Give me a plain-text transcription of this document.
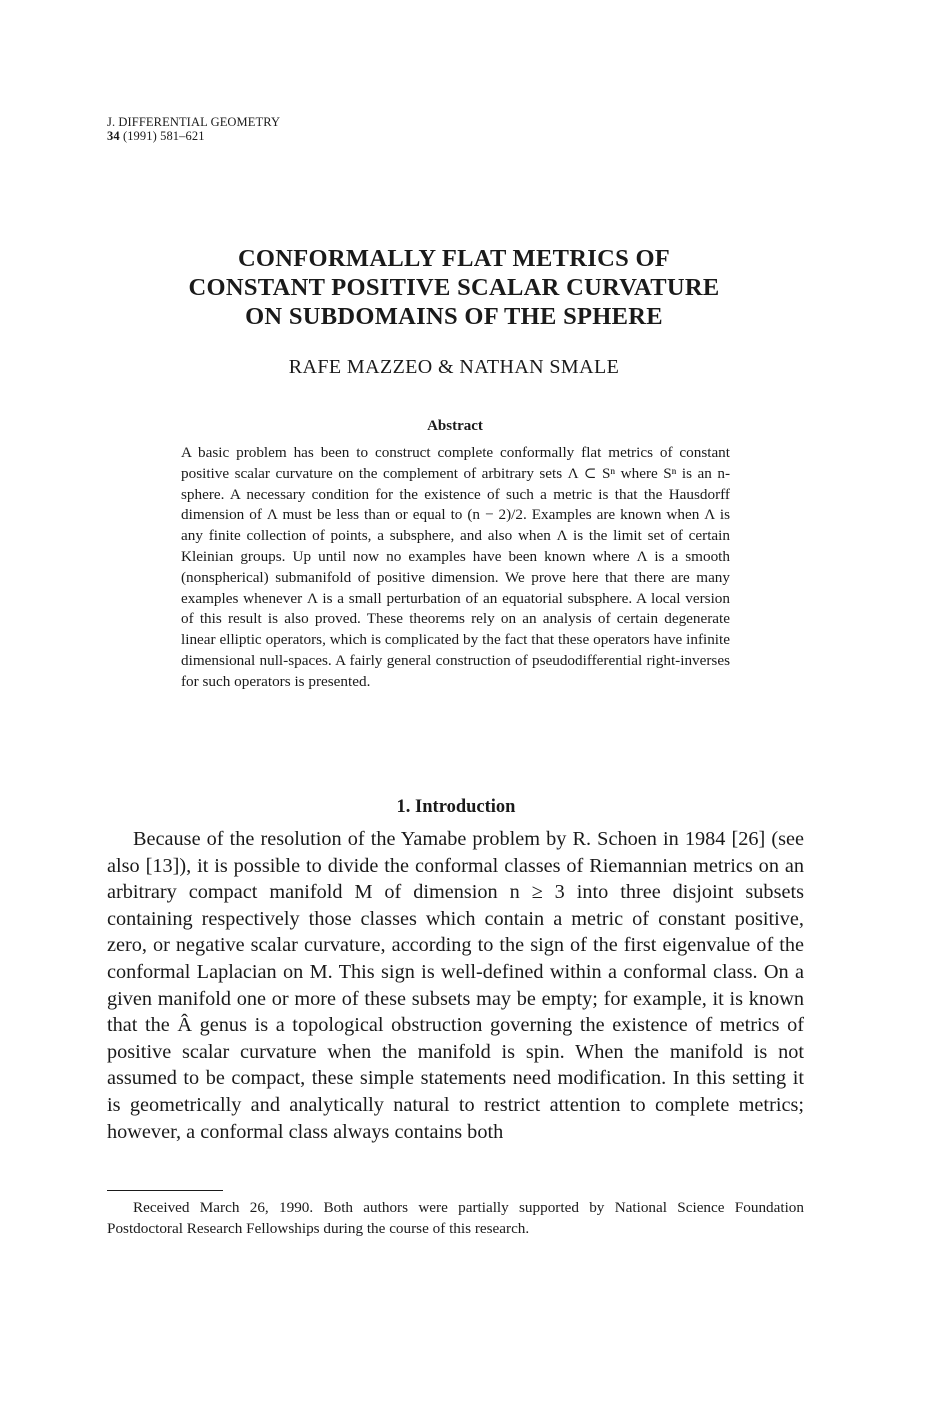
J. DIFFERENTIAL GEOMETRY
34 (1991) 581–621
CONFORMALLY FLAT METRICS OF
CONSTANT POSITIVE SCALAR CURVATURE
ON SUBDOMAINS OF THE SPHERE
RAFE MAZZEO & NATHAN SMALE
Abstract

A basic problem has been to construct complete conformally flat metrics of constant positive scalar curvature on the complement of arbitrary sets Λ ⊂ Sⁿ where Sⁿ is an n-sphere. A necessary condition for the existence of such a metric is that the Hausdorff dimension of Λ must be less than or equal to (n − 2)/2. Examples are known when Λ is any finite collection of points, a subsphere, and also when Λ is the limit set of certain Kleinian groups. Up until now no examples have been known where Λ is a smooth (nonspherical) submanifold of positive dimension. We prove here that there are many examples whenever Λ is a small perturbation of an equatorial subsphere. A local version of this result is also proved. These theorems rely on an analysis of certain degenerate linear elliptic operators, which is complicated by the fact that these operators have infinite dimensional null-spaces. A fairly general construction of pseudodifferential right-inverses for such operators is presented.

1. Introduction

Because of the resolution of the Yamabe problem by R. Schoen in 1984 [26] (see also [13]), it is possible to divide the conformal classes of Riemannian metrics on an arbitrary compact manifold M of dimension n ≥ 3 into three disjoint subsets containing respectively those classes which contain a metric of constant positive, zero, or negative scalar curvature, according to the sign of the first eigenvalue of the conformal Laplacian on M. This sign is well-defined within a conformal class. On a given manifold one or more of these subsets may be empty; for example, it is known that the Â genus is a topological obstruction governing the existence of metrics of positive scalar curvature when the manifold is spin. When the manifold is not assumed to be compact, these simple statements need modification. In this setting it is geometrically and analytically natural to restrict attention to complete metrics; however, a conformal class always contains both

Received March 26, 1990. Both authors were partially supported by National Science Foundation Postdoctoral Research Fellowships during the course of this research.
